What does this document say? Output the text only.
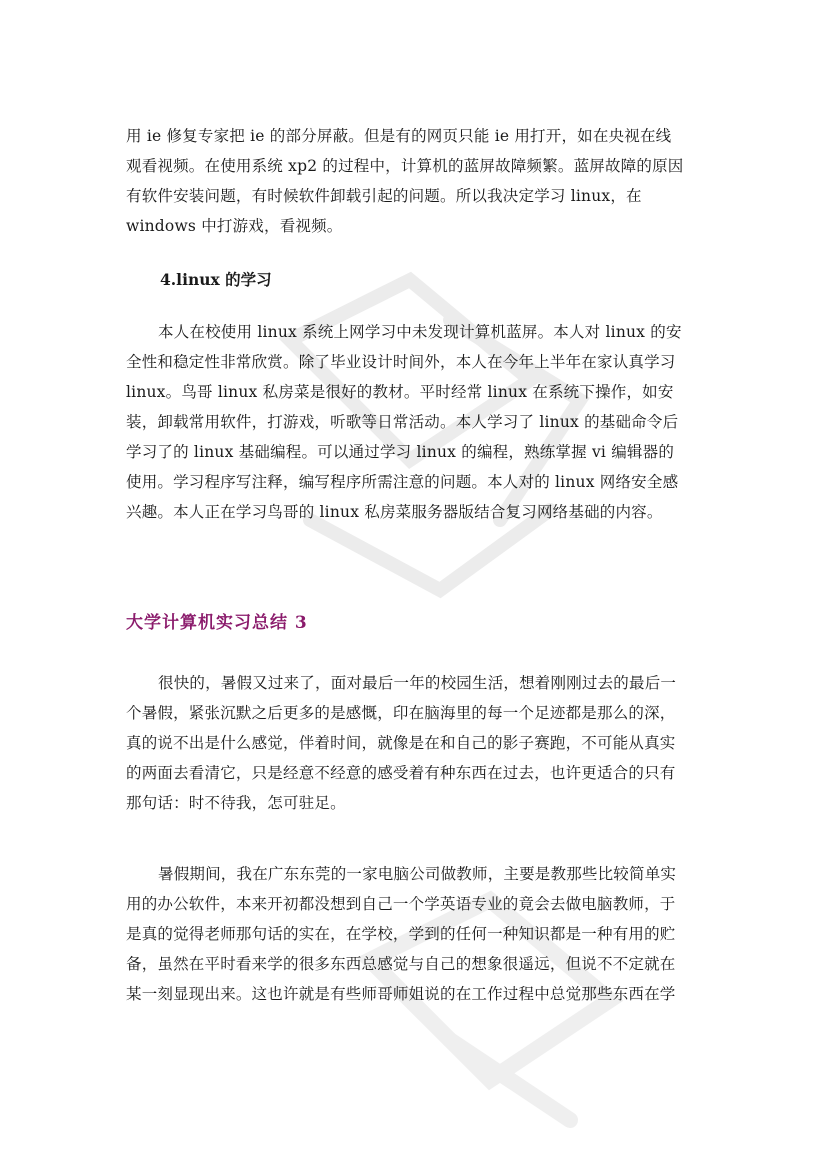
用 ie 修复专家把 ie 的部分屏蔽。但是有的网页只能 ie 用打开，如在央视在线
观看视频。在使用系统 xp2 的过程中，计算机的蓝屏故障频繁。蓝屏故障的原因
有软件安装问题，有时候软件卸载引起的问题。所以我决定学习 linux，在
windows 中打游戏，看视频。
4.linux 的学习
本人在校使用 linux 系统上网学习中未发现计算机蓝屏。本人对 linux 的安
全性和稳定性非常欣赏。除了毕业设计时间外，本人在今年上半年在家认真学习
linux。鸟哥 linux 私房菜是很好的教材。平时经常 linux 在系统下操作，如安
装，卸载常用软件，打游戏，听歌等日常活动。本人学习了 linux 的基础命令后
学习了的 linux 基础编程。可以通过学习 linux 的编程，熟练掌握 vi 编辑器的
使用。学习程序写注释，编写程序所需注意的问题。本人对的 linux 网络安全感
兴趣。本人正在学习鸟哥的 linux 私房菜服务器版结合复习网络基础的内容。
大学计算机实习总结 3
很快的，暑假又过来了，面对最后一年的校园生活，想着刚刚过去的最后一
个暑假，紧张沉默之后更多的是感慨，印在脑海里的每一个足迹都是那么的深，
真的说不出是什么感觉，伴着时间，就像是在和自己的影子赛跑，不可能从真实
的两面去看清它，只是经意不经意的感受着有种东西在过去，也许更适合的只有
那句话：时不待我，怎可驻足。
暑假期间，我在广东东莞的一家电脑公司做教师，主要是教那些比较简单实
用的办公软件，本来开初都没想到自己一个学英语专业的竟会去做电脑教师，于
是真的觉得老师那句话的实在，在学校，学到的任何一种知识都是一种有用的贮
备，虽然在平时看来学的很多东西总感觉与自己的想象很遥远，但说不不定就在
某一刻显现出来。这也许就是有些师哥师姐说的在工作过程中总觉那些东西在学
